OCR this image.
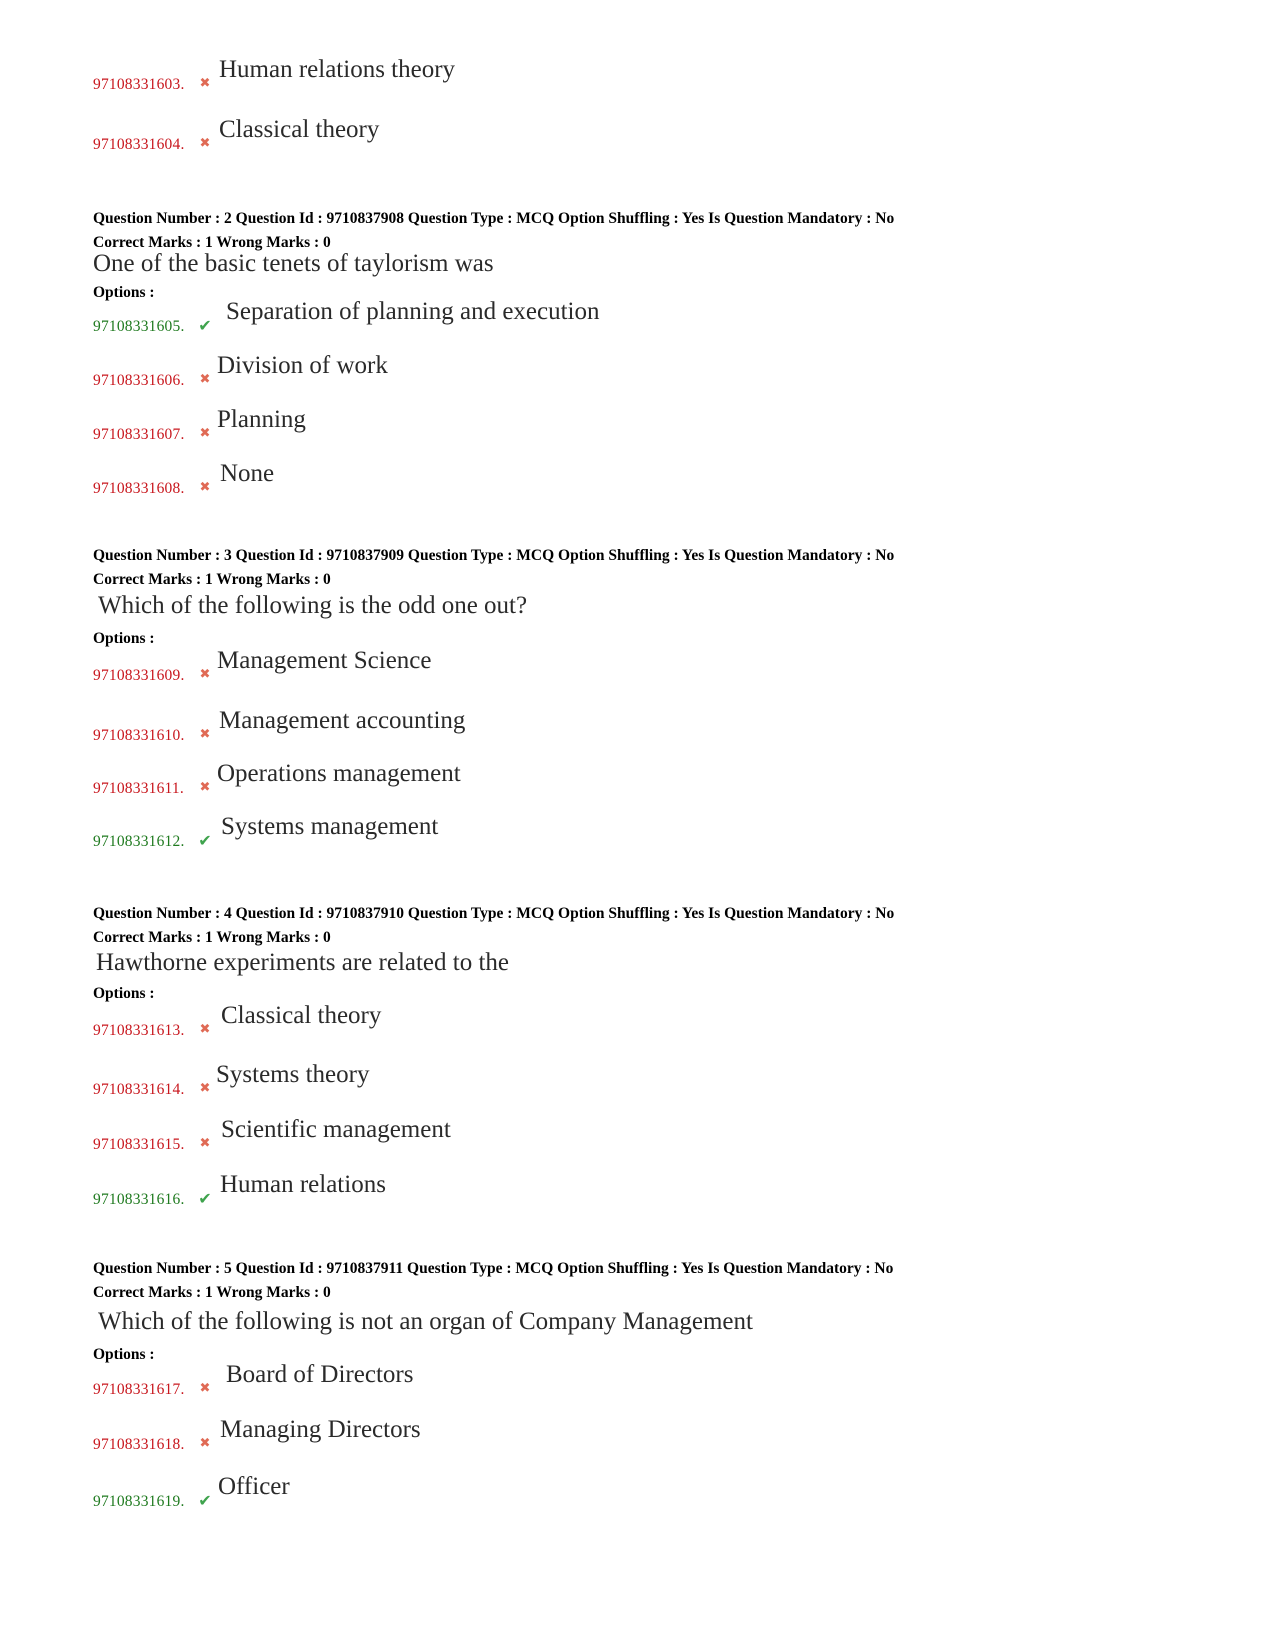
97108331603. ✖
Human relations theory
97108331604. ✖
Classical theory
Question Number : 2 Question Id : 9710837908 Question Type : MCQ Option Shuffling : Yes Is Question Mandatory : No
Correct Marks : 1 Wrong Marks : 0
One of the basic tenets of taylorism was
Options :
97108331605. ✔
Separation of planning and execution
97108331606. ✖
Division of work
97108331607. ✖
Planning
97108331608. ✖
None
Question Number : 3 Question Id : 9710837909 Question Type : MCQ Option Shuffling : Yes Is Question Mandatory : No
Correct Marks : 1 Wrong Marks : 0
Which of the following is the odd one out?
Options :
97108331609. ✖
Management Science
97108331610. ✖
Management accounting
97108331611. ✖
Operations management
97108331612. ✔
Systems management
Question Number : 4 Question Id : 9710837910 Question Type : MCQ Option Shuffling : Yes Is Question Mandatory : No
Correct Marks : 1 Wrong Marks : 0
Hawthorne experiments are related to the
Options :
97108331613. ✖
Classical theory
97108331614. ✖
Systems theory
97108331615. ✖
Scientific management
97108331616. ✔
Human relations
Question Number : 5 Question Id : 9710837911 Question Type : MCQ Option Shuffling : Yes Is Question Mandatory : No
Correct Marks : 1 Wrong Marks : 0
Which of the following is not an organ of Company Management
Options :
97108331617. ✖
Board of Directors
97108331618. ✖
Managing Directors
97108331619. ✔
Officer
